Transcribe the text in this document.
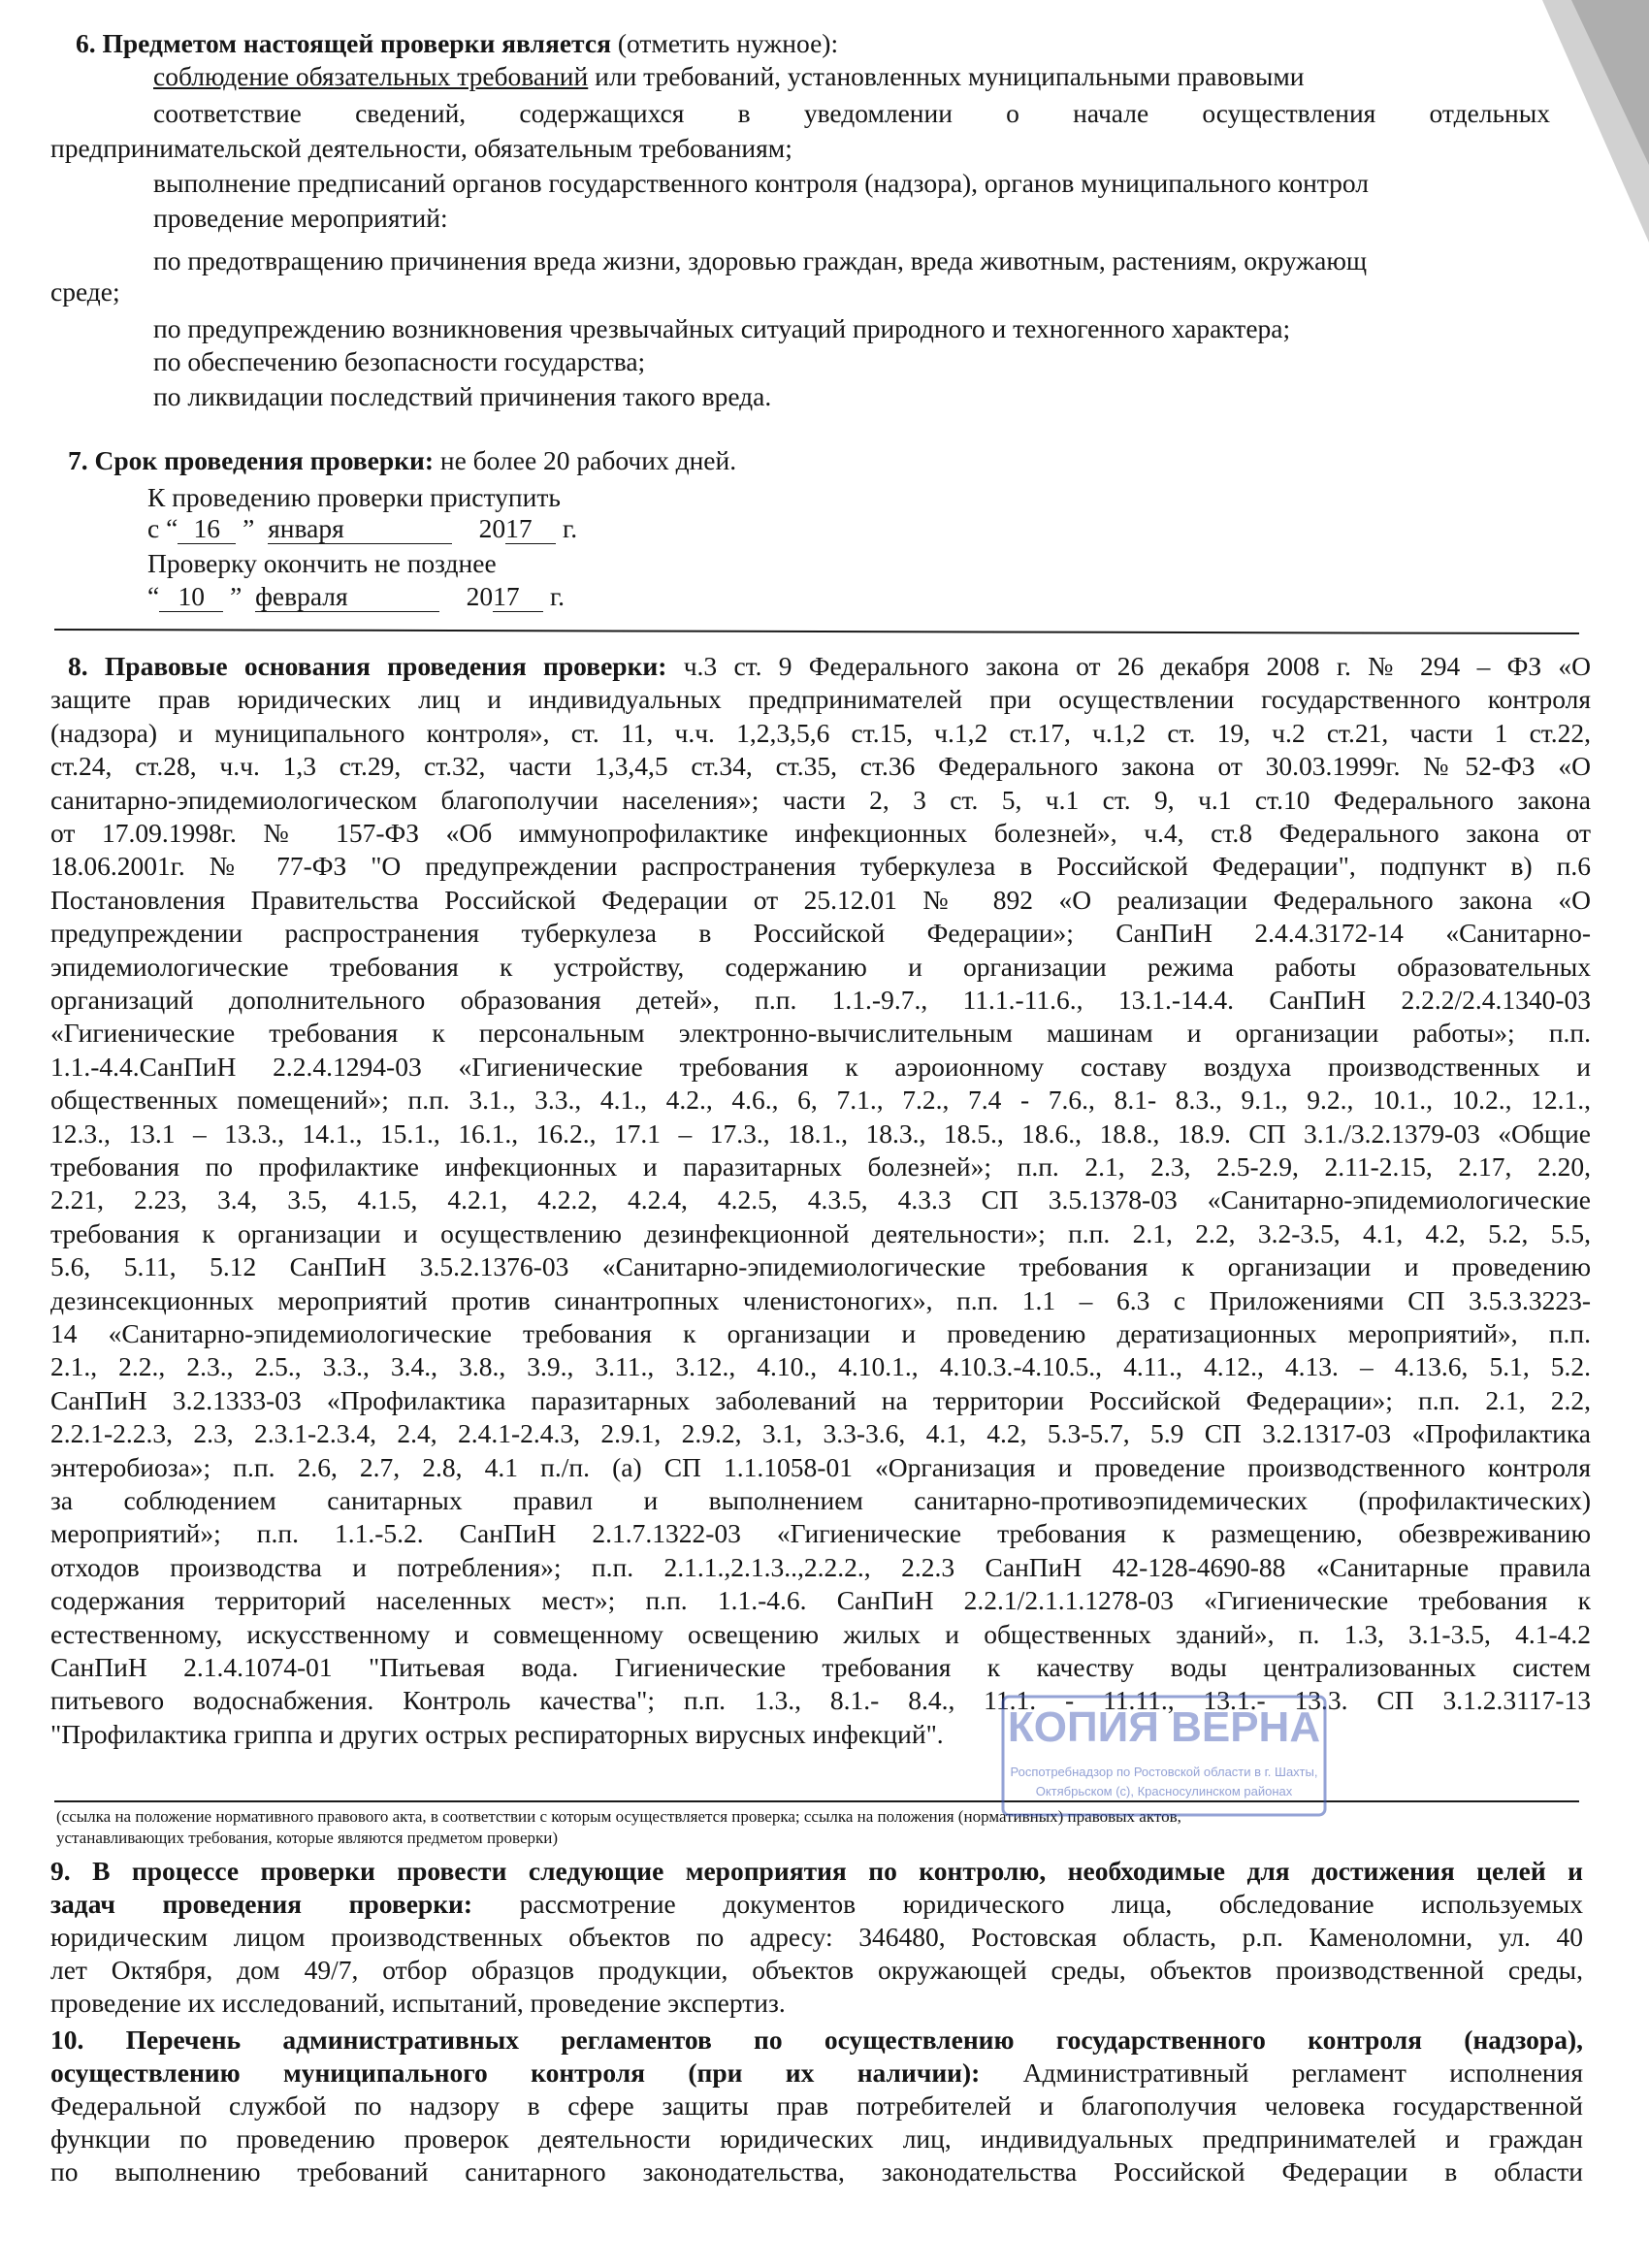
6. Предметом настоящей проверки является (отметить нужное):
соблюдение обязательных требований или требований, установленных муниципальными правовыми
соответствие сведений, содержащихся в уведомлении о начале осуществления отдельных
предпринимательской деятельности, обязательным требованиям;
выполнение предписаний органов государственного контроля (надзора), органов муниципального контрол
проведение мероприятий:
по предотвращению причинения вреда жизни, здоровью граждан, вреда животным, растениям, окружающ
среде;
по предупреждению возникновения чрезвычайных ситуаций природного и техногенного характера;
по обеспечению безопасности государства;
по ликвидации последствий причинения такого вреда.
7. Срок проведения проверки: не более 20 рабочих дней.
К проведению проверки приступить
с “ 16 ” января	2017 г.
Проверку окончить не позднее
“ 10 ” февраля	2017 г.
8. Правовые основания проведения проверки: ч.3 ст. 9 Федерального закона от 26 декабря 2008 г. № 294 – ФЗ «О
защите прав юридических лиц и индивидуальных предпринимателей при осуществлении государственного контроля
(надзора) и муниципального контроля», ст. 11, ч.ч. 1,2,3,5,6 ст.15, ч.1,2 ст.17, ч.1,2 ст. 19, ч.2 ст.21, части 1 ст.22,
ст.24, ст.28, ч.ч. 1,3 ст.29, ст.32, части 1,3,4,5 ст.34, ст.35, ст.36 Федерального закона от 30.03.1999г. №52-ФЗ «О
санитарно-эпидемиологическом благополучии населения»; части 2, 3 ст. 5, ч.1 ст. 9, ч.1 ст.10 Федерального закона
от 17.09.1998г. № 157-ФЗ «Об иммунопрофилактике инфекционных болезней», ч.4, ст.8 Федерального закона от
18.06.2001г. № 77-ФЗ "О предупреждении распространения туберкулеза в Российской Федерации", подпункт в) п.6
Постановления Правительства Российской Федерации от 25.12.01 № 892 «О реализации Федерального закона «О
предупреждении распространения туберкулеза в Российской Федерации»; СанПиН 2.4.4.3172-14 «Санитарно-
эпидемиологические требования к устройству, содержанию и организации режима работы образовательных
организаций дополнительного образования детей», п.п. 1.1.-9.7., 11.1.-11.6., 13.1.-14.4. СанПиН 2.2.2/2.4.1340-03
«Гигиенические требования к персональным электронно-вычислительным машинам и организации работы»; п.п.
1.1.-4.4.СанПиН 2.2.4.1294-03 «Гигиенические требования к аэроионному составу воздуха производственных и
общественных помещений»; п.п. 3.1., 3.3., 4.1., 4.2., 4.6., 6, 7.1., 7.2., 7.4 - 7.6., 8.1- 8.3., 9.1., 9.2., 10.1., 10.2., 12.1.,
12.3., 13.1 – 13.3., 14.1., 15.1., 16.1., 16.2., 17.1 – 17.3., 18.1., 18.3., 18.5., 18.6., 18.8., 18.9. СП 3.1./3.2.1379-03 «Общие
требования по профилактике инфекционных и паразитарных болезней»; п.п. 2.1, 2.3, 2.5-2.9, 2.11-2.15, 2.17, 2.20,
2.21, 2.23, 3.4, 3.5, 4.1.5, 4.2.1, 4.2.2, 4.2.4, 4.2.5, 4.3.5, 4.3.3 СП 3.5.1378-03 «Санитарно-эпидемиологические
требования к организации и осуществлению дезинфекционной деятельности»; п.п. 2.1, 2.2, 3.2-3.5, 4.1, 4.2, 5.2, 5.5,
5.6, 5.11, 5.12 СанПиН 3.5.2.1376-03 «Санитарно-эпидемиологические требования к организации и проведению
дезинсекционных мероприятий против синантропных членистоногих», п.п. 1.1 – 6.3 с Приложениями СП 3.5.3.3223-
14 «Санитарно-эпидемиологические требования к организации и проведению дератизационных мероприятий», п.п.
2.1., 2.2., 2.3., 2.5., 3.3., 3.4., 3.8., 3.9., 3.11., 3.12., 4.10., 4.10.1., 4.10.3.-4.10.5., 4.11., 4.12., 4.13. – 4.13.6, 5.1, 5.2.
СанПиН 3.2.1333-03 «Профилактика паразитарных заболеваний на территории Российской Федерации»; п.п. 2.1, 2.2,
2.2.1-2.2.3, 2.3, 2.3.1-2.3.4, 2.4, 2.4.1-2.4.3, 2.9.1, 2.9.2, 3.1, 3.3-3.6, 4.1, 4.2, 5.3-5.7, 5.9 СП 3.2.1317-03 «Профилактика
энтеробиоза»; п.п. 2.6, 2.7, 2.8, 4.1 п./п. (а) СП 1.1.1058-01 «Организация и проведение производственного контроля
за соблюдением санитарных правил и выполнением санитарно-противоэпидемических (профилактических)
мероприятий»; п.п. 1.1.-5.2. СанПиН 2.1.7.1322-03 «Гигиенические требования к размещению, обезвреживанию
отходов производства и потребления»; п.п. 2.1.1.,2.1.3..,2.2.2., 2.2.3 СанПиН 42-128-4690-88 «Санитарные правила
содержания территорий населенных мест»; п.п. 1.1.-4.6. СанПиН 2.2.1/2.1.1.1278-03 «Гигиенические требования к
естественному, искусственному и совмещенному освещению жилых и общественных зданий», п. 1.3, 3.1-3.5, 4.1-4.2
СанПиН 2.1.4.1074-01 "Питьевая вода. Гигиенические требования к качеству воды централизованных систем
питьевого водоснабжения. Контроль качества"; п.п. 1.3., 8.1.- 8.4., 11.1. - 11.11., 13.1.- 13.3. СП 3.1.2.3117-13
"Профилактика гриппа и других острых респираторных вирусных инфекций".
(ссылка на положение нормативного правового акта, в соответствии с которым осуществляется проверка; ссылка на положения (нормативных) правовых актов,
устанавливающих требования, которые являются предметом проверки)
9. В процессе проверки провести следующие мероприятия по контролю, необходимые для достижения целей и
задач проведения проверки: рассмотрение документов юридического лица, обследование используемых
юридическим лицом производственных объектов по адресу: 346480, Ростовская область, р.п. Каменоломни, ул. 40
лет Октября, дом 49/7, отбор образцов продукции, объектов окружающей среды, объектов производственной среды,
проведение их исследований, испытаний, проведение экспертиз.
10. Перечень административных регламентов по осуществлению государственного контроля (надзора),
осуществлению муниципального контроля (при их наличии): Административный регламент исполнения
Федеральной службой по надзору в сфере защиты прав потребителей и благополучия человека государственной
функции по проведению проверок деятельности юридических лиц, индивидуальных предпринимателей и граждан
по выполнению требований санитарного законодательства, законодательства Российской Федерации в области
КОПИЯ ВЕРНА
Роспотребнадзор по Ростовской области в г. Шахты,
Октябрьском (с), Красносулинском районах
